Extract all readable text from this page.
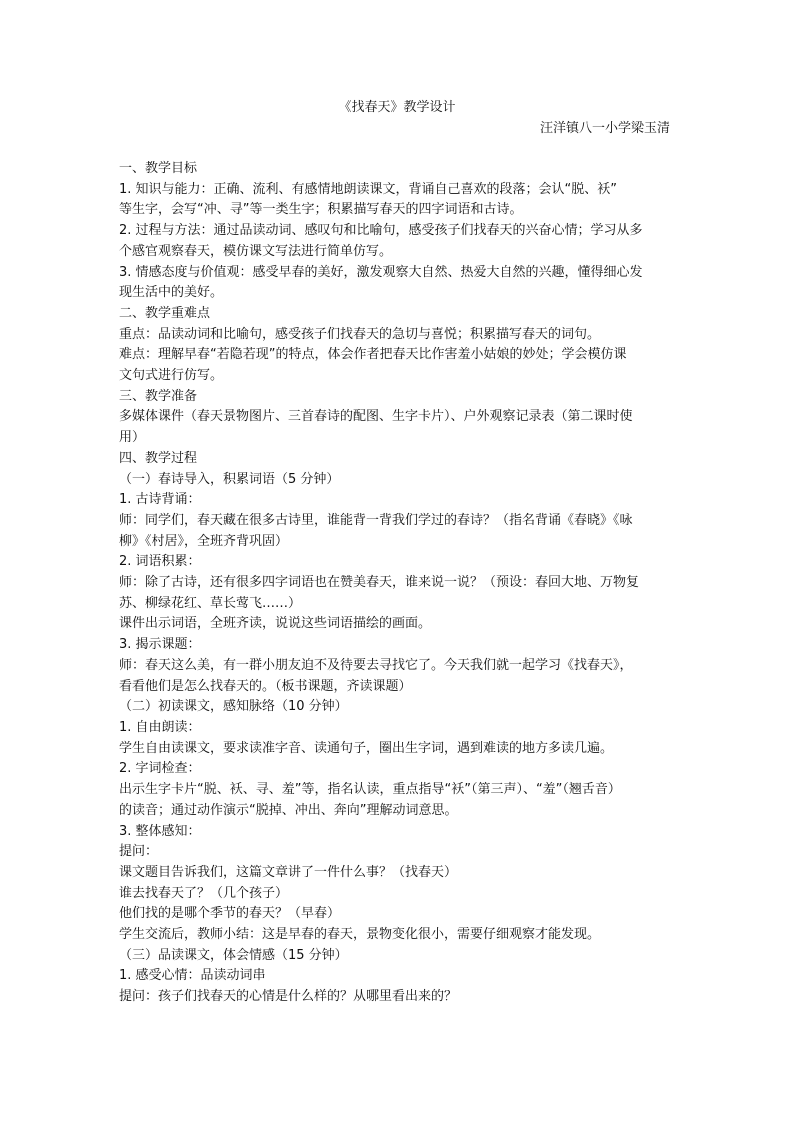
《找春天》教学设计
汪洋镇八一小学梁玉清

一、教学目标

1. 知识与能力：正确、流利、有感情地朗读课文，背诵自己喜欢的段落；会认“脱、袄”

等生字，会写“冲、寻”等一类生字；积累描写春天的四字词语和古诗。

2. 过程与方法：通过品读动词、感叹句和比喻句，感受孩子们找春天的兴奋心情；学习从多

个感官观察春天，模仿课文写法进行简单仿写。

3. 情感态度与价值观：感受早春的美好，激发观察大自然、热爱大自然的兴趣，懂得细心发

现生活中的美好。

二、教学重难点

重点：品读动词和比喻句，感受孩子们找春天的急切与喜悦；积累描写春天的词句。

难点：理解早春“若隐若现”的特点，体会作者把春天比作害羞小姑娘的妙处；学会模仿课

文句式进行仿写。

三、教学准备

多媒体课件（春天景物图片、三首春诗的配图、生字卡片）、户外观察记录表（第二课时使

用）

四、教学过程

（一）春诗导入，积累词语（5 分钟）

1. 古诗背诵：

师：同学们，春天藏在很多古诗里，谁能背一背我们学过的春诗？（指名背诵《春晓》《咏

柳》《村居》，全班齐背巩固）

2. 词语积累：

师：除了古诗，还有很多四字词语也在赞美春天，谁来说一说？（预设：春回大地、万物复

苏、柳绿花红、草长莺飞……）

课件出示词语，全班齐读，说说这些词语描绘的画面。

3. 揭示课题：

师：春天这么美，有一群小朋友迫不及待要去寻找它了。今天我们就一起学习《找春天》，

看看他们是怎么找春天的。（板书课题，齐读课题）

（二）初读课文，感知脉络（10 分钟）

1. 自由朗读：

学生自由读课文，要求读准字音、读通句子，圈出生字词，遇到难读的地方多读几遍。

2. 字词检查：

出示生字卡片“脱、袄、寻、羞”等，指名认读，重点指导“袄”（第三声）、“羞”（翘舌音）

的读音；通过动作演示“脱掉、冲出、奔向”理解动词意思。

3. 整体感知：

提问：

课文题目告诉我们，这篇文章讲了一件什么事？（找春天）

谁去找春天了？（几个孩子）

他们找的是哪个季节的春天？（早春）

学生交流后，教师小结：这是早春的春天，景物变化很小，需要仔细观察才能发现。

（三）品读课文，体会情感（15 分钟）

1. 感受心情：品读动词串

提问：孩子们找春天的心情是什么样的？从哪里看出来的？
